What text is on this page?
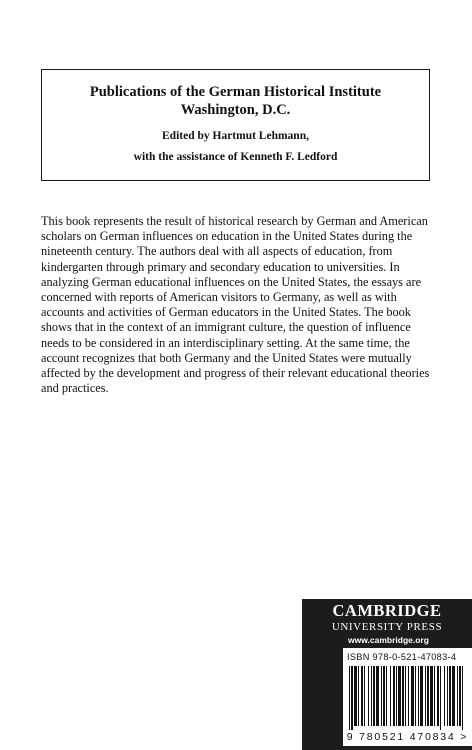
Publications of the German Historical Institute
Washington, D.C.
Edited by Hartmut Lehmann,
with the assistance of Kenneth F. Ledford

This book represents the result of historical research by German and American scholars on German influences on education in the United States during the nineteenth century. The authors deal with all aspects of education, from kindergarten through primary and secondary education to universities. In analyzing German educational influences on the United States, the essays are concerned with reports of American visitors to Germany, as well as with accounts and activities of German educators in the United States. The book shows that in the context of an immigrant culture, the question of influence needs to be considered in an interdisciplinary setting. At the same time, the account recognizes that both Germany and the United States were mutually affected by the development and progress of their relevant educational theories and practices.

CAMBRIDGE
UNIVERSITY PRESS
www.cambridge.org
ISBN 978-0-521-47083-4
9 780521 470834 >
